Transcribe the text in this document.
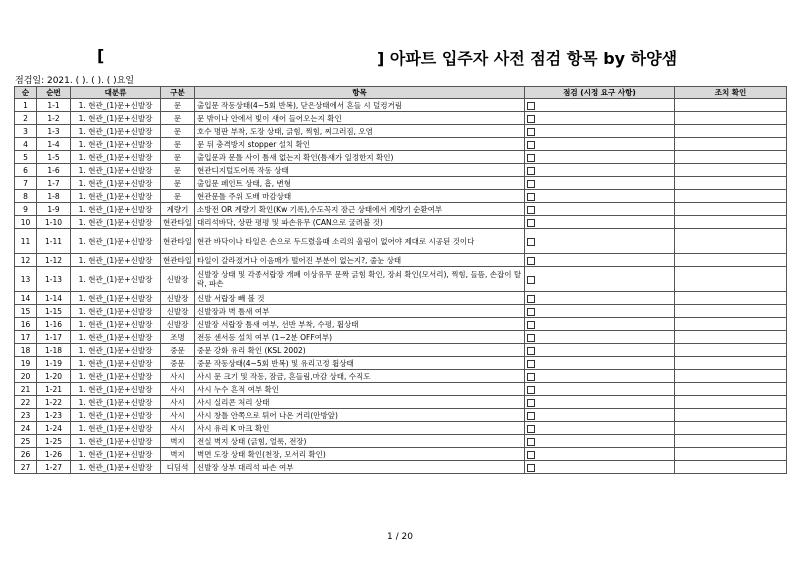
[	] 아파트 입주자 사전 점검 항목 by 하양샘
점검일: 2021. ( ). ( ). ( )요일
순	순번	대분류	구분	항목	점검 (시정 요구 사항)	조치 확인
1	1-1	1. 현관_(1)문+신발장	문	출입문 작동상태(4~5회 반복), 닫은상태에서 흔들 시 덜컹거림		
2	1-2	1. 현관_(1)문+신발장	문	문 밖이나 안에서 빛이 새어 들어오는지 확인		
3	1-3	1. 현관_(1)문+신발장	문	호수 명판 부착, 도장 상태, 긁힘, 찍힘, 찌그러짐, 오염		
4	1-4	1. 현관_(1)문+신발장	문	문 뒤 충격방지 stopper 설치 확인		
5	1-5	1. 현관_(1)문+신발장	문	출입문과 문틀 사이 틈새 없는지 확인(틈새가 일정한지 확인)		
6	1-6	1. 현관_(1)문+신발장	문	현관디지털도어록 작동 상태		
7	1-7	1. 현관_(1)문+신발장	문	출입문 페인트 상태, 흠, 변형		
8	1-8	1. 현관_(1)문+신발장	문	현관문틀 주위 도배 마감상태		
9	1-9	1. 현관_(1)문+신발장	계량기	소방전 OR 계량기 확인(Kw 기록),수도꼭지 잠근 상태에서 계량기 순환여부		
10	1-10	1. 현관_(1)문+신발장	현관타일	대리석바닥, 상판 평평 및 파손유무 (CAN으로 굴려볼 것)		
11	1-11	1. 현관_(1)문+신발장	현관타일	현관 바닥이나 타일은 손으로 두드렸을때 소리의 울림이 없어야 제대로 시공된 것이다		
12	1-12	1. 현관_(1)문+신발장	현관타일	타일이 갈라졌거나 이음매가 떨어진 부분이 없는지?, 줄눈 상태		
13	1-13	1. 현관_(1)문+신발장	신발장	신발장 상태 및 각종서랍장 개폐 이상유무 문짝 긁힘 확인, 장쇠 확인(모서리), 찍힘, 들뜸, 손잡이 탈락, 파손		
14	1-14	1. 현관_(1)문+신발장	신발장	신발 서랍장 빼 볼 것		
15	1-15	1. 현관_(1)문+신발장	신발장	신발장과 벽 틈새 여부		
16	1-16	1. 현관_(1)문+신발장	신발장	신발장 서랍장 틈새 여부, 선반 부착, 수평, 휨상태		
17	1-17	1. 현관_(1)문+신발장	조명	전등 센서등 설치 여부 (1~2분 OFF여부)		
18	1-18	1. 현관_(1)문+신발장	중문	중문 강화 유리 확인 (KSL 2002)		
19	1-19	1. 현관_(1)문+신발장	중문	중문 작동상태(4~5회 반복) 및 유리고정 휨상태		
20	1-20	1. 현관_(1)문+신발장	사시	사시 문 크기 및 작동, 잠금, 흔들림,마감 상태, 수직도		
21	1-21	1. 현관_(1)문+신발장	사시	사시 누수 흔적 여부 확인		
22	1-22	1. 현관_(1)문+신발장	사시	사시 실리콘 처리 상태		
23	1-23	1. 현관_(1)문+신발장	사시	사시 창틀 안쪽으로 튀어 나온 거리(안방앞)		
24	1-24	1. 현관_(1)문+신발장	사시	사시 유리 K 마크 확인		
25	1-25	1. 현관_(1)문+신발장	벽지	전실 벽지 상태 (긁힘, 얼룩, 전장)		
26	1-26	1. 현관_(1)문+신발장	벽지	벽면 도장 상태 확인(천장, 모서리 확인)		
27	1-27	1. 현관_(1)문+신발장	디딤석	신발장 상부 대리석 파손 여부		
1 / 20
